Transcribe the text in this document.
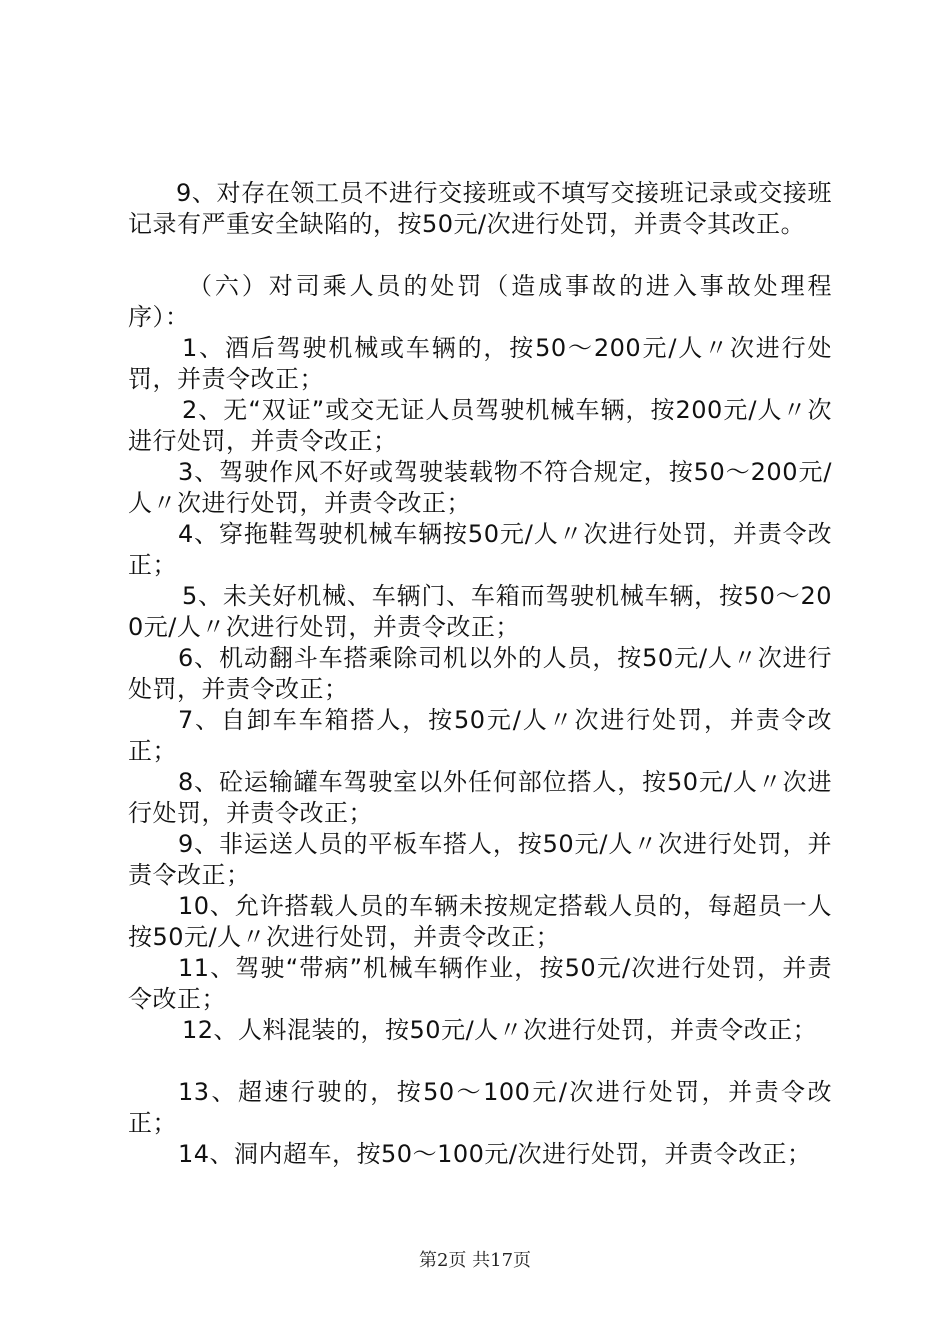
9、对存在领工员不进行交接班或不填写交接班记录或交接班记录有严重安全缺陷的，按50元/次进行处罚，并责令其改正。
（六）对司乘人员的处罚（造成事故的进入事故处理程序）：
1、酒后驾驶机械或车辆的，按50～200元/人〃次进行处罚，并责令改正；
2、无“双证”或交无证人员驾驶机械车辆，按200元/人〃次进行处罚，并责令改正；
3、驾驶作风不好或驾驶装载物不符合规定，按50～200元/人〃次进行处罚，并责令改正；
4、穿拖鞋驾驶机械车辆按50元/人〃次进行处罚，并责令改正；
5、未关好机械、车辆门、车箱而驾驶机械车辆，按50～200元/人〃次进行处罚，并责令改正；
6、机动翻斗车搭乘除司机以外的人员，按50元/人〃次进行处罚，并责令改正；
7、自卸车车箱搭人，按50元/人〃次进行处罚，并责令改正；
8、砼运输罐车驾驶室以外任何部位搭人，按50元/人〃次进行处罚，并责令改正；
9、非运送人员的平板车搭人，按50元/人〃次进行处罚，并责令改正；
10、允许搭载人员的车辆未按规定搭载人员的，每超员一人按50元/人〃次进行处罚，并责令改正；
11、驾驶“带病”机械车辆作业，按50元/次进行处罚，并责令改正；
12、人料混装的，按50元/人〃次进行处罚，并责令改正；
13、超速行驶的，按50～100元/次进行处罚，并责令改正；
14、洞内超车，按50～100元/次进行处罚，并责令改正；
第2页 共17页
